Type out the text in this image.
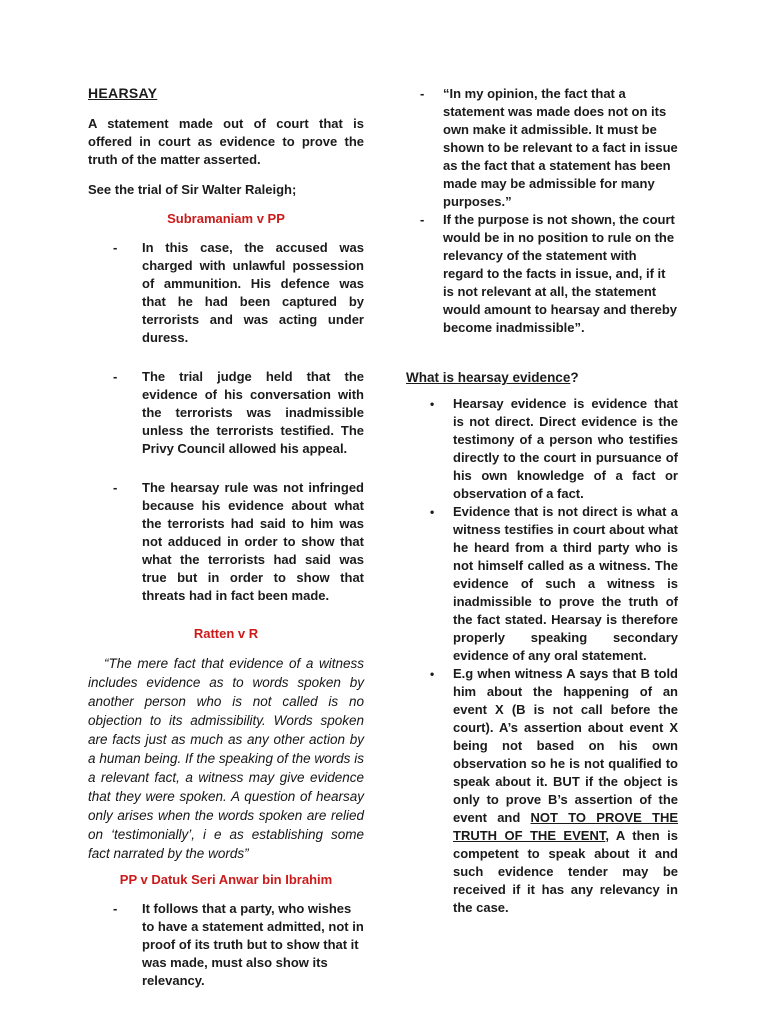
HEARSAY

A statement made out of court that is offered in court as evidence to prove the truth of the matter asserted.

See the trial of Sir Walter Raleigh;

Subramaniam v PP
- In this case, the accused was charged with unlawful possession of ammunition. His defence was that he had been captured by terrorists and was acting under duress.

- The trial judge held that the evidence of his conversation with the terrorists was inadmissible unless the terrorists testified. The Privy Council allowed his appeal.

- The hearsay rule was not infringed because his evidence about what the terrorists had said to him was not adduced in order to show that what the terrorists had said was true but in order to show that threats had in fact been made.

Ratten v R

“The mere fact that evidence of a witness includes evidence as to words spoken by another person who is not called is no objection to its admissibility. Words spoken are facts just as much as any other action by a human being. If the speaking of the words is a relevant fact, a witness may give evidence that they were spoken. A question of hearsay only arises when the words spoken are relied on ‘testimonially’, i e as establishing some fact narrated by the words”

PP v Datuk Seri Anwar bin Ibrahim
- It follows that a party, who wishes to have a statement admitted, not in proof of its truth but to show that it was made, must also show its relevancy.

- “In my opinion, the fact that a statement was made does not on its own make it admissible. It must be shown to be relevant to a fact in issue as the fact that a statement has been made may be admissible for many purposes.”

- If the purpose is not shown, the court would be in no position to rule on the relevancy of the statement with regard to the facts in issue, and, if it is not relevant at all, the statement would amount to hearsay and thereby become inadmissible”.

What is hearsay evidence?
• Hearsay evidence is evidence that is not direct. Direct evidence is the testimony of a person who testifies directly to the court in pursuance of his own knowledge of a fact or observation of a fact.

• Evidence that is not direct is what a witness testifies in court about what he heard from a third party who is not himself called as a witness. The evidence of such a witness is inadmissible to prove the truth of the fact stated. Hearsay is therefore properly speaking secondary evidence of any oral statement.

• E.g when witness A says that B told him about the happening of an event X (B is not call before the court). A’s assertion about event X being not based on his own observation so he is not qualified to speak about it. BUT if the object is only to prove B’s assertion of the event and NOT TO PROVE THE TRUTH OF THE EVENT, A then is competent to speak about it and such evidence tender may be received if it has any relevancy in the case.
